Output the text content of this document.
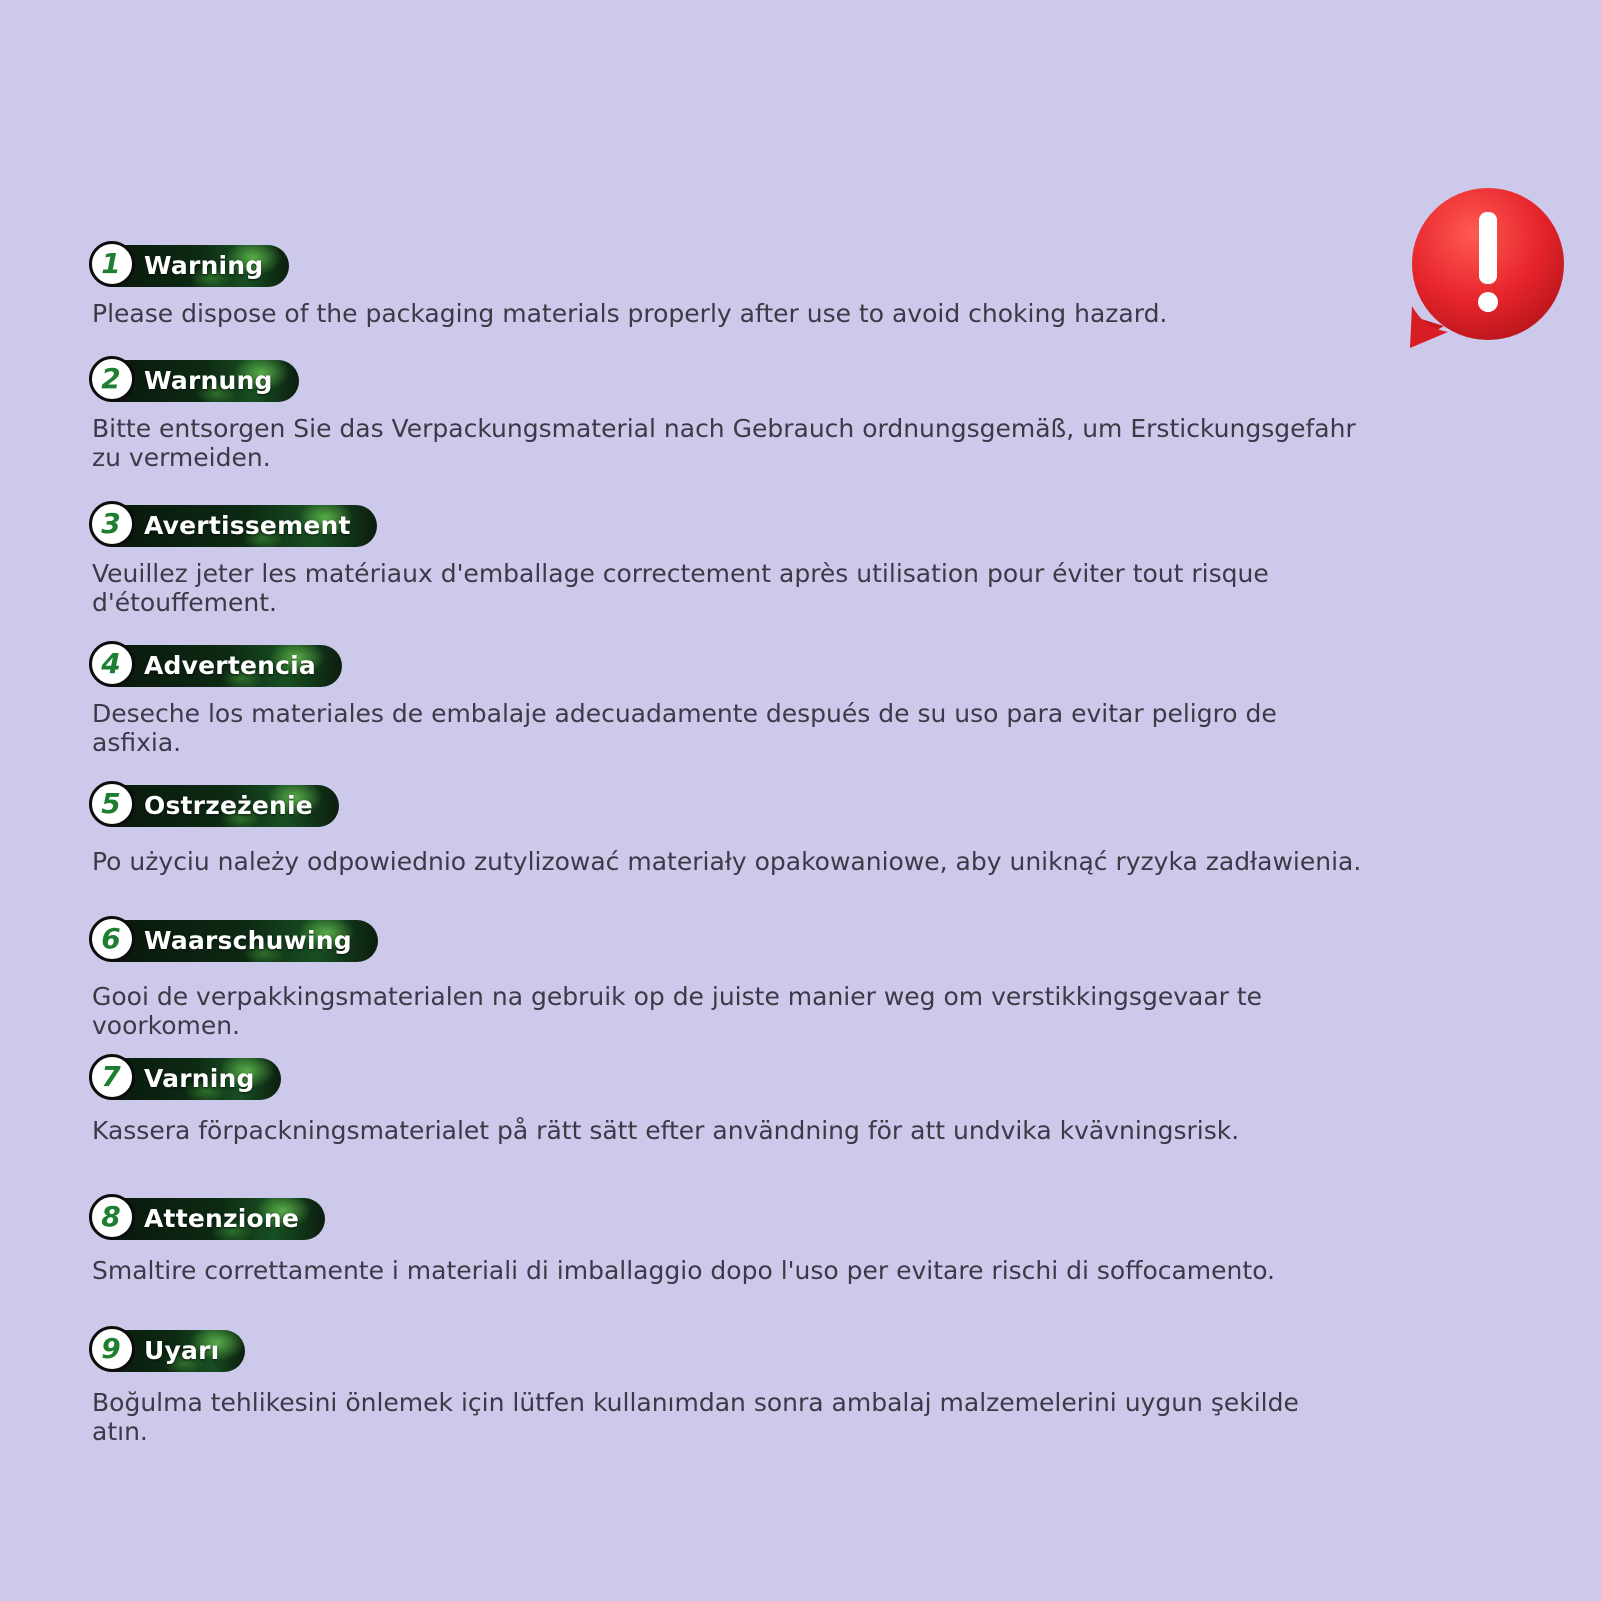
1 Warning
Please dispose of the packaging materials properly after use to avoid choking hazard.
2 Warnung
Bitte entsorgen Sie das Verpackungsmaterial nach Gebrauch ordnungsgemäß, um Erstickungsgefahr zu vermeiden.
3 Avertissement
Veuillez jeter les matériaux d'emballage correctement après utilisation pour éviter tout risque d'étouffement.
4 Advertencia
Deseche los materiales de embalaje adecuadamente después de su uso para evitar peligro de asfixia.
5 Ostrzeżenie
Po użyciu należy odpowiednio zutylizować materiały opakowaniowe, aby uniknąć ryzyka zadławienia.
6 Waarschuwing
Gooi de verpakkingsmaterialen na gebruik op de juiste manier weg om verstikkingsgevaar te voorkomen.
7 Varning
Kassera förpackningsmaterialet på rätt sätt efter användning för att undvika kvävningsrisk.
8 Attenzione
Smaltire correttamente i materiali di imballaggio dopo l'uso per evitare rischi di soffocamento.
9 Uyarı
Boğulma tehlikesini önlemek için lütfen kullanımdan sonra ambalaj malzemelerini uygun şekilde atın.
